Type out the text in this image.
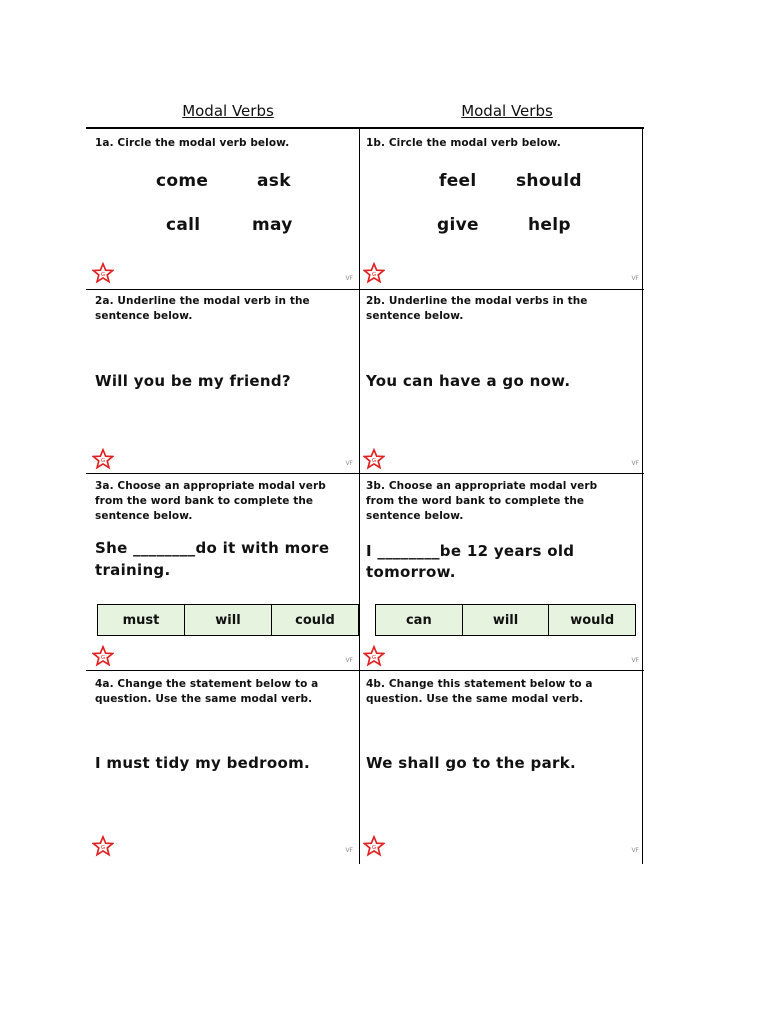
Modal Verbs	Modal Verbs
1a. Circle the modal verb below.
come	ask
call	may
G
VF
1b. Circle the modal verb below.
feel should
give	help
G
VF
2a. Underline the modal verb in the
sentence below.
Will you be my friend?
G	VF
2b. Underline the modal verbs in the
sentence below.
You can have a go now.
G	VF
3a. Choose an appropriate modal verb
from the word bank to complete the
sentence below.
She ________do it with more
training.
must	will	could
G	VF
3b. Choose an appropriate modal verb
from the word bank to complete the
sentence below.
I ________be 12 years old
tomorrow.
can	will	would
G	VF
4a. Change the statement below to a
question. Use the same modal verb.
I must tidy my bedroom.
G	VF
4b. Change this statement below to a
question. Use the same modal verb.
We shall go to the park.
G	VF
